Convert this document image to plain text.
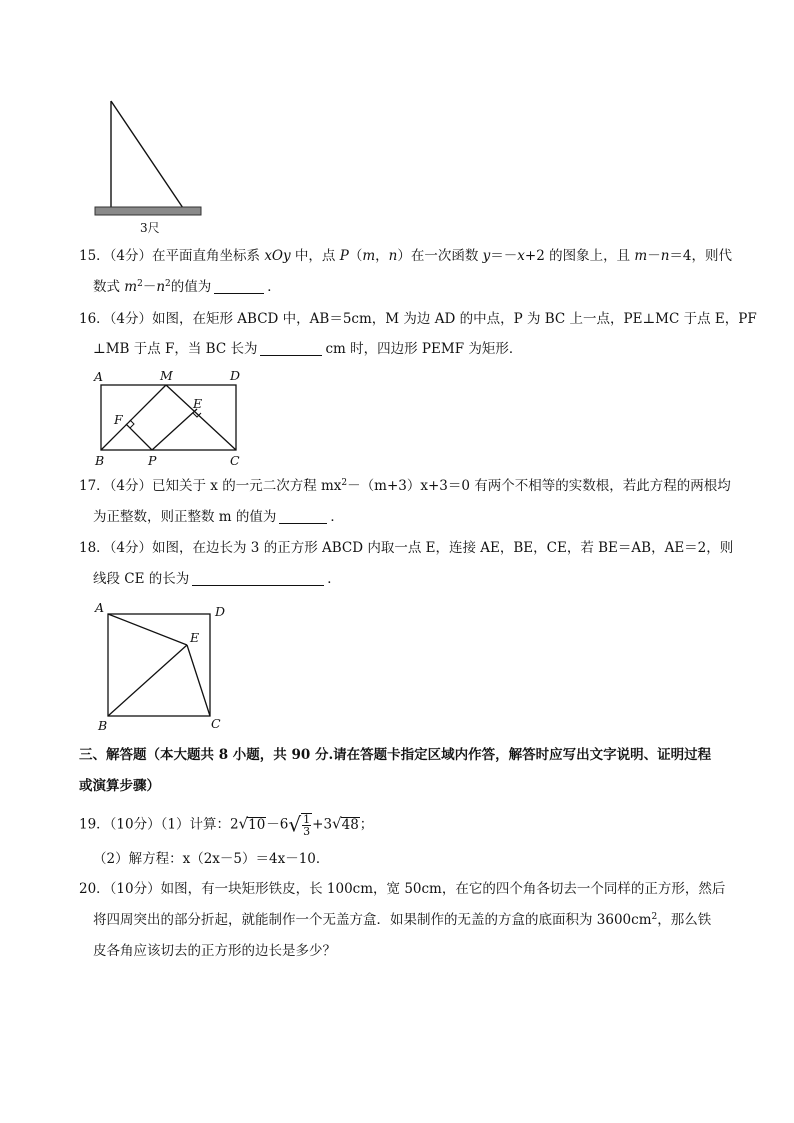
3尺
15．（4分）在平面直角坐标系 xOy 中，点 P（m，n）在一次函数 y＝－x+2 的图象上，且 m－n＝4，则代
数式 $m^2-n^2$的值为	．
16．（4分）如图，在矩形 ABCD 中，AB＝5cm，M 为边 AD 的中点，P 为 BC 上一点，PE⊥MC 于点 E，PF
⊥MB 于点 F，当 BC 长为	cm 时，四边形 PEMF 为矩形．
A	M	D
E
F
B	P	C
17．（4分）已知关于 x 的一元二次方程 $mx^2-(m+3)x+3=0$ 有两个不相等的实数根，若此方程的两根均
为正整数，则正整数 m 的值为	．
18．（4分）如图，在边长为 3 的正方形 ABCD 内取一点 E，连接 AE，BE，CE，若 BE＝AB，AE＝2，则
线段 CE 的长为	．
A	D
E
B	C
三、解答题（本大题共 8 小题，共 90 分.请在答题卡指定区域内作答，解答时应写出文字说明、证明过程
或演算步骤）
19．（10分）（1）计算：$2√10-6√ \frac{1}{3} +3√48$；
（2）解方程：x（2x－5）＝4x－10．
20．（10分）如图，有一块矩形铁皮，长 100cm，宽 50cm，在它的四个角各切去一个同样的正方形，然后
将四周突出的部分折起，就能制作一个无盖方盒．如果制作的无盖的方盒的底面积为 $3600cm^2$，那么铁
皮各角应该切去的正方形的边长是多少？
